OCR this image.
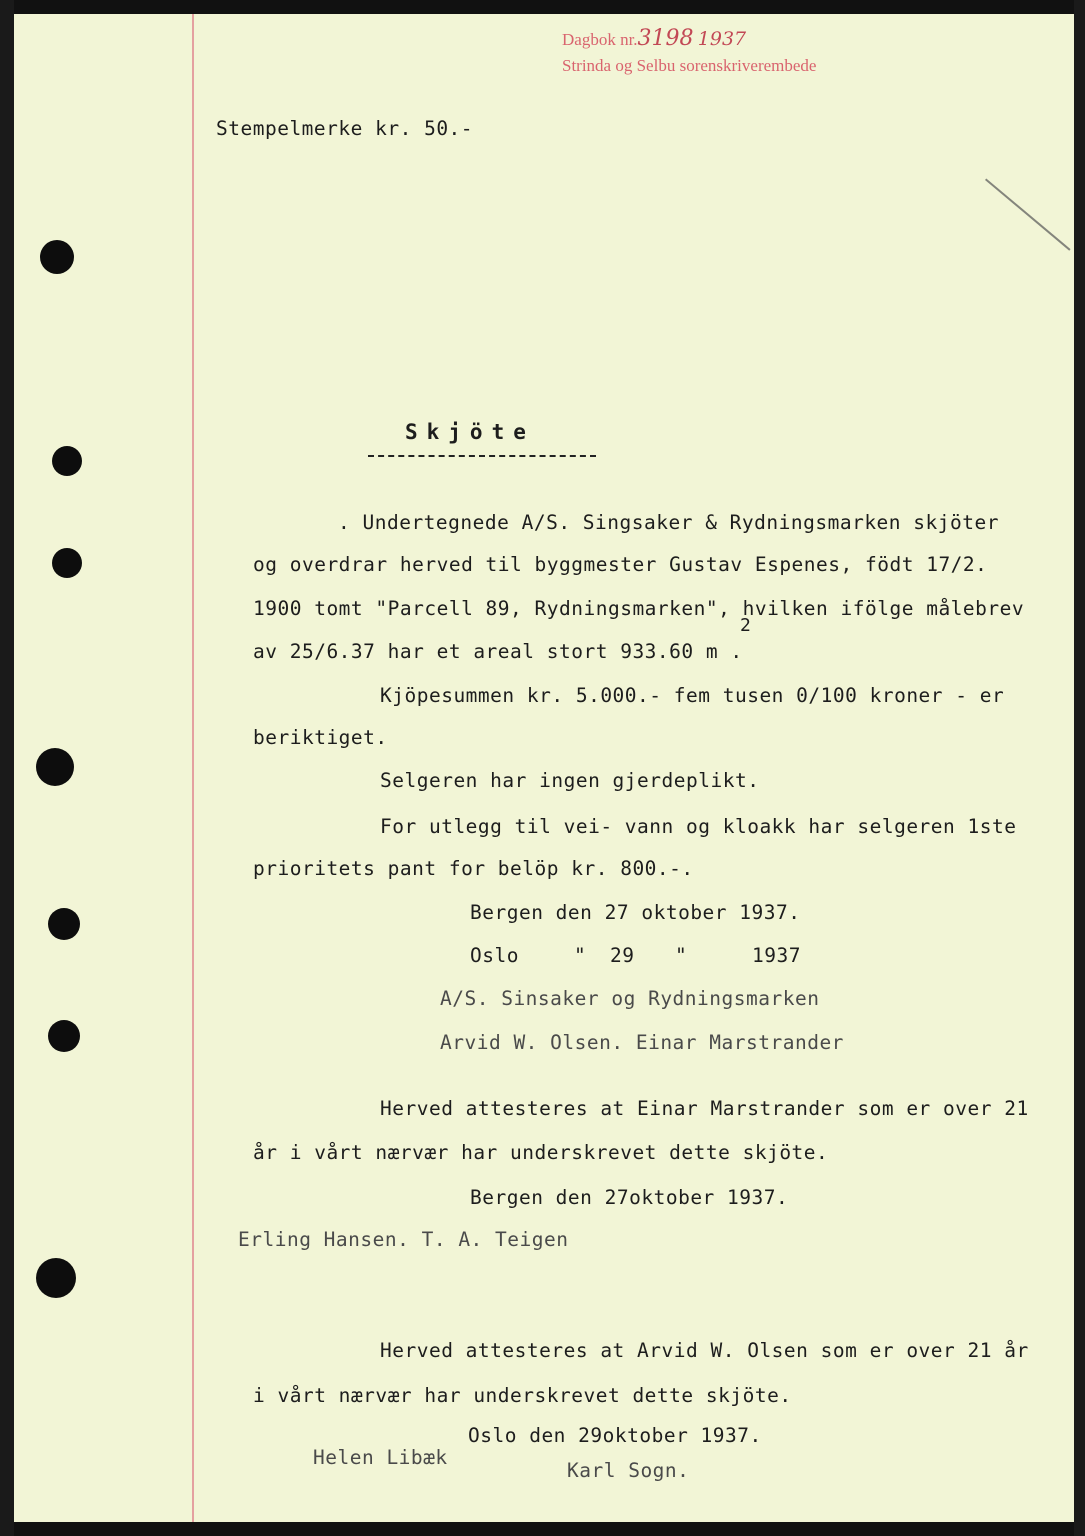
Dagbok nr.3198 1937
Strinda og Selbu sorenskriverembede
Stempelmerke kr. 50.-
Skjöte
. Undertegnede A/S. Singsaker & Rydningsmarken skjöter
og overdrar herved til byggmester Gustav Espenes, födt 17/2.
1900 tomt "Parcell 89, Rydningsmarken", hvilken ifölge målebrev
2
av 25/6.37 har et areal stort 933.60 m .
Kjöpesummen kr. 5.000.- fem tusen 0/100 kroner - er
beriktiget.
Selgeren har ingen gjerdeplikt.
For utlegg til vei- vann og kloakk har selgeren 1ste
prioritets pant for belöp kr. 800.-.
Bergen den 27 oktober 1937.
Oslo	" 29 "	1937
A/S. Sinsaker og Rydningsmarken
Arvid W. Olsen. Einar Marstrander
Herved attesteres at Einar Marstrander som er over 21
år i vårt nærvær har underskrevet dette skjöte.
Bergen den 27oktober 1937.
Erling Hansen. T. A. Teigen
Herved attesteres at Arvid W. Olsen som er over 21 år
i vårt nærvær har underskrevet dette skjöte.
Oslo den 29oktober 1937.
Helen Libæk
Karl Sogn.
